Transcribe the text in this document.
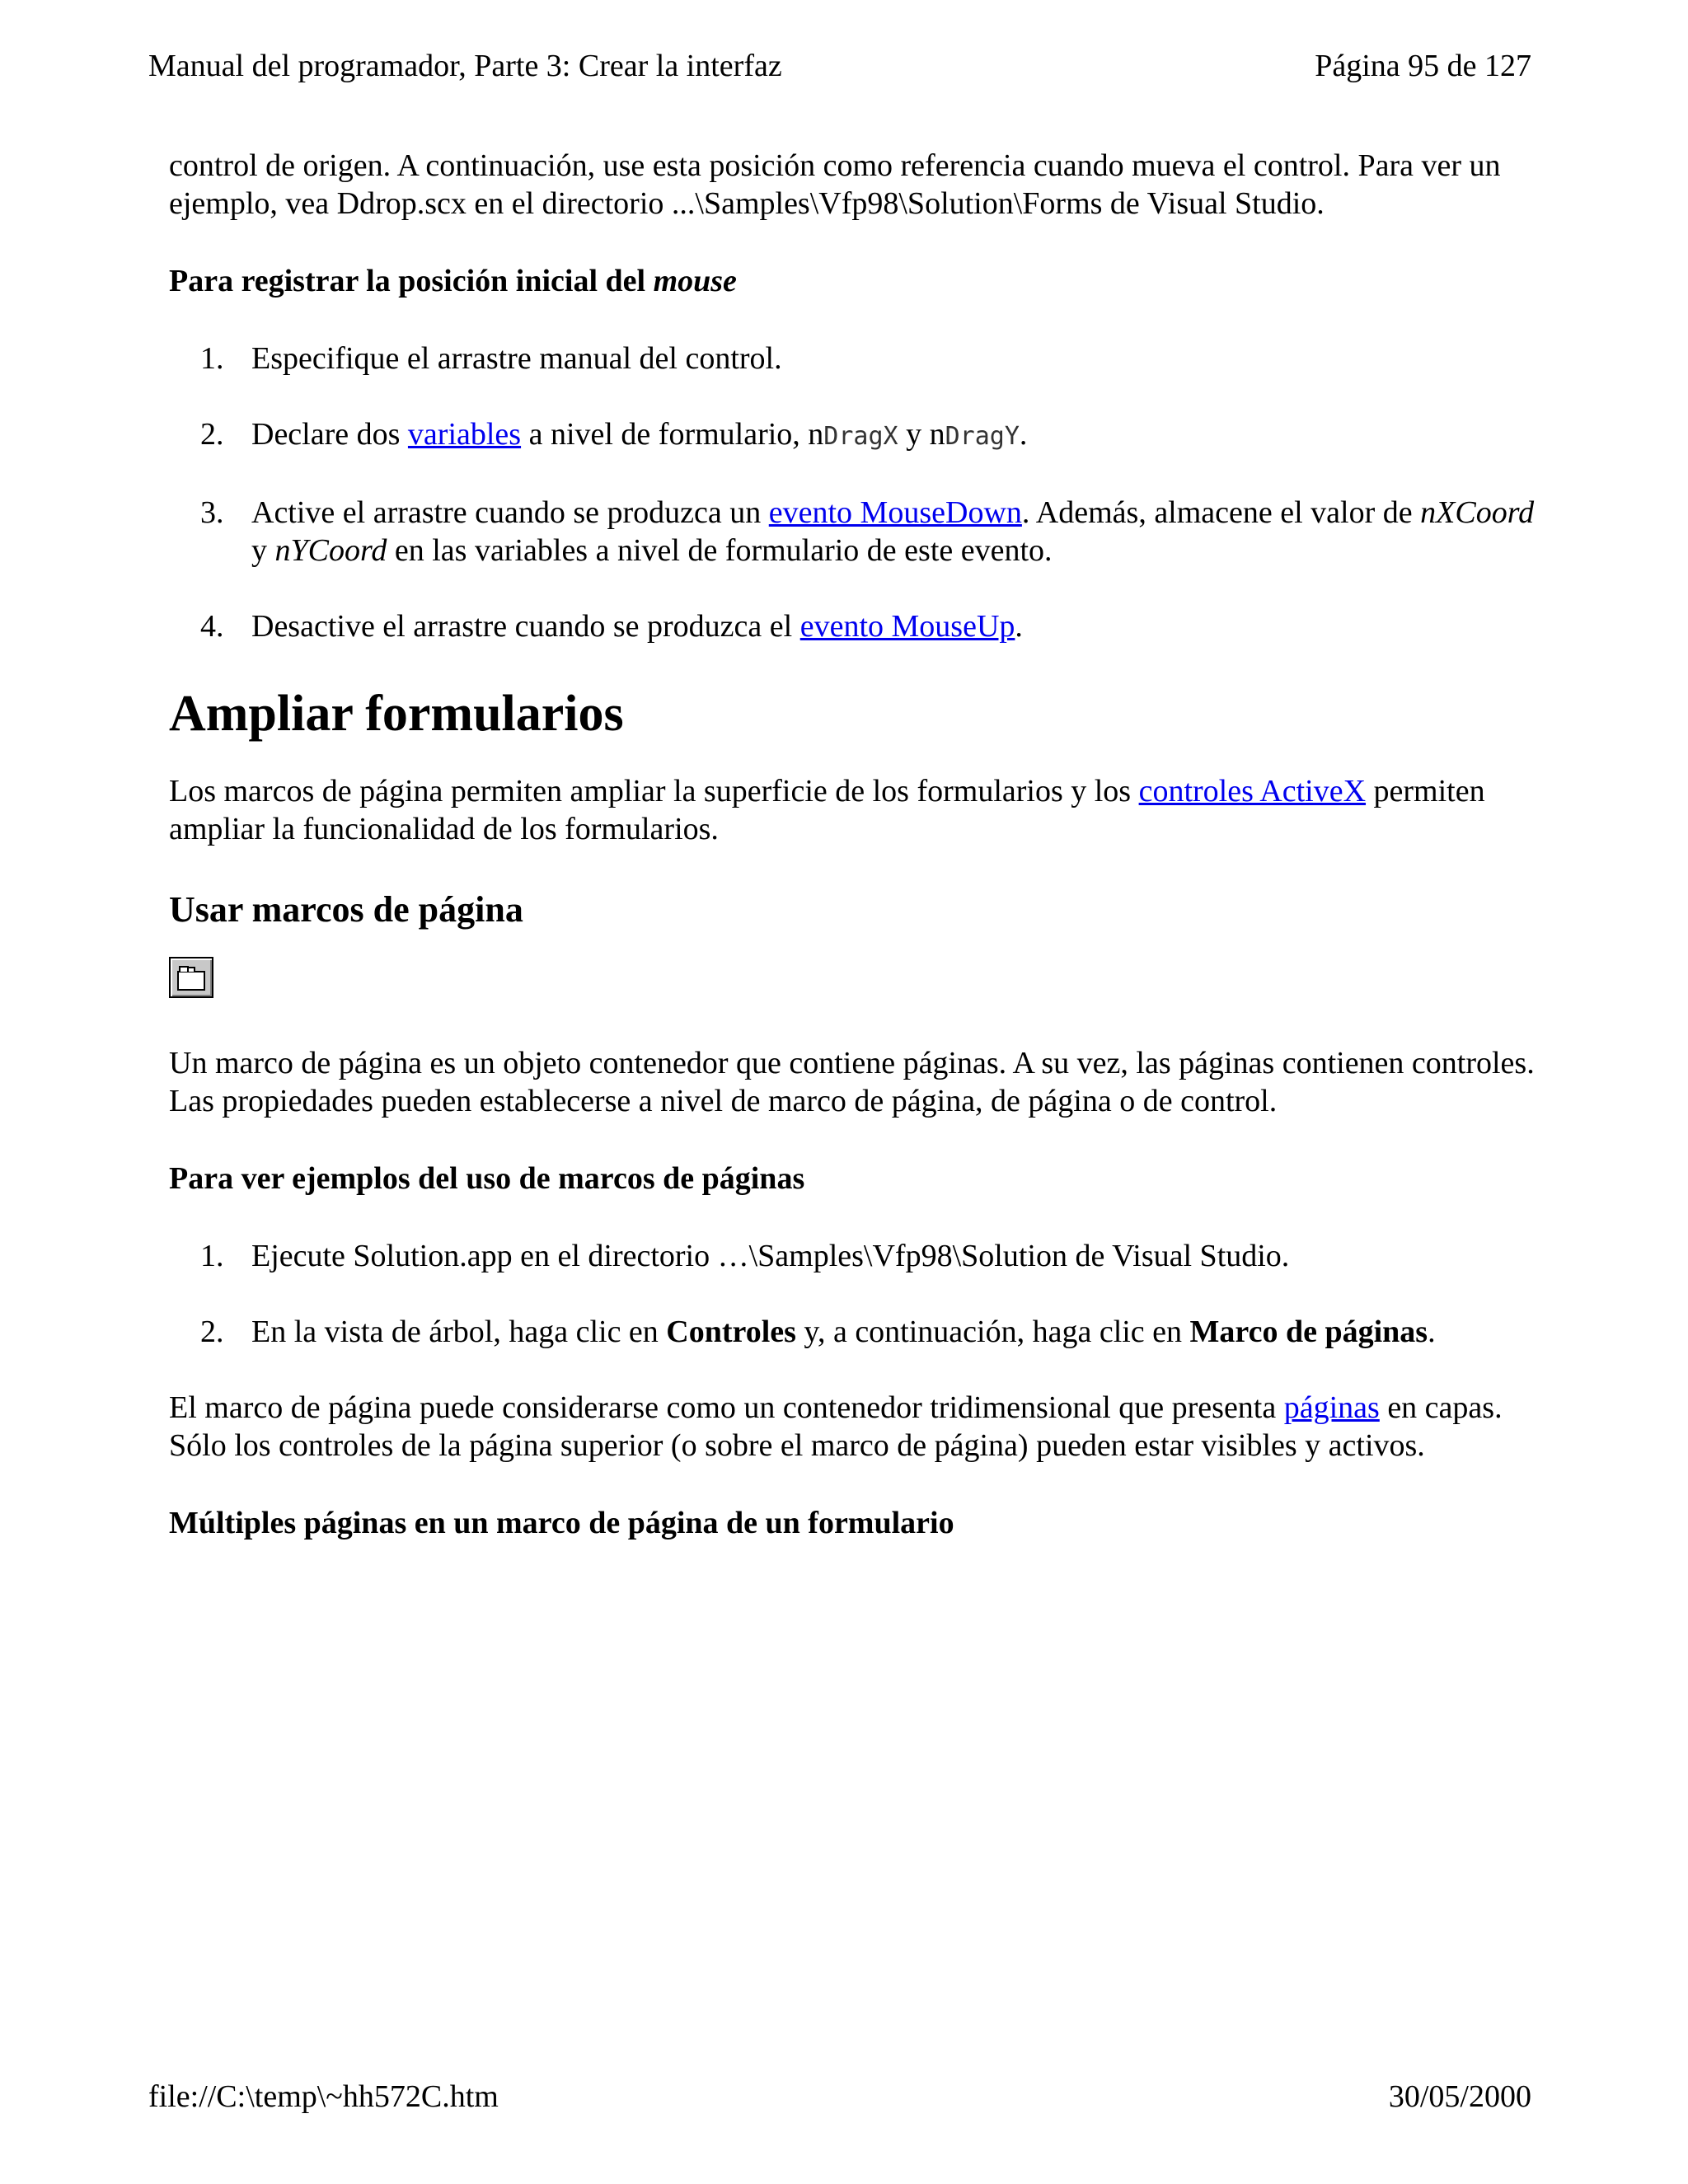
Manual del programador, Parte 3: Crear la interfaz	Página 95 de 127

control de origen. A continuación, use esta posición como referencia cuando mueva el control. Para ver un ejemplo, vea Ddrop.scx en el directorio ...\Samples\Vfp98\Solution\Forms de Visual Studio.

Para registrar la posición inicial del mouse

1. Especifique el arrastre manual del control.
2. Declare dos variables a nivel de formulario, nDragX y nDragY.
3. Active el arrastre cuando se produzca un evento MouseDown. Además, almacene el valor de nXCoord y nYCoord en las variables a nivel de formulario de este evento.
4. Desactive el arrastre cuando se produzca el evento MouseUp.
Ampliar formularios

Los marcos de página permiten ampliar la superficie de los formularios y los controles ActiveX permiten ampliar la funcionalidad de los formularios.

Usar marcos de página

Un marco de página es un objeto contenedor que contiene páginas. A su vez, las páginas contienen controles. Las propiedades pueden establecerse a nivel de marco de página, de página o de control.

Para ver ejemplos del uso de marcos de páginas

1. Ejecute Solution.app en el directorio …\Samples\Vfp98\Solution de Visual Studio.
2. En la vista de árbol, haga clic en Controles y, a continuación, haga clic en Marco de páginas.

El marco de página puede considerarse como un contenedor tridimensional que presenta páginas en capas. Sólo los controles de la página superior (o sobre el marco de página) pueden estar visibles y activos.

Múltiples páginas en un marco de página de un formulario

file://C:\temp\~hh572C.htm	30/05/2000
